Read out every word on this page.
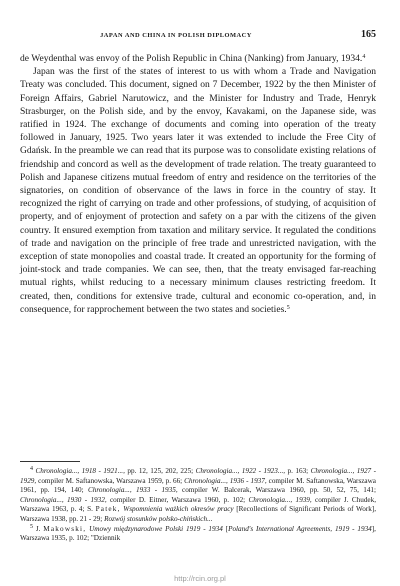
JAPAN AND CHINA IN POLISH DIPLOMACY	165

de Weydenthal was envoy of the Polish Republic in China (Nanking) from January, 1934.$^4$

Japan was the first of the states of interest to us with whom a Trade and Navigation Treaty was concluded. This document, signed on 7 December, 1922 by the then Minister of Foreign Affairs, Gabriel Narutowicz, and the Minister for Industry and Trade, Henryk Strasburger, on the Polish side, and by the envoy, Kavakami, on the Japanese side, was ratified in 1924. The exchange of documents and coming into operation of the treaty followed in January, 1925. Two years later it was extended to include the Free City of Gdańsk. In the preamble we can read that its purpose was to consolidate existing relations of friendship and concord as well as the development of trade relation. The treaty guaranteed to Polish and Japanese citizens mutual freedom of entry and residence on the territories of the signatories, on condition of observance of the laws in force in the country of stay. It recognized the right of carrying on trade and other professions, of studying, of acquisition of property, and of enjoyment of protection and safety on a par with the citizens of the given country. It ensured exemption from taxation and military service. It regulated the conditions of trade and navigation on the principle of free trade and unrestricted navigation, with the exception of state monopolies and coastal trade. It created an opportunity for the forming of joint-stock and trade companies. We can see, then, that the treaty envisaged far-reaching mutual rights, whilst reducing to a necessary minimum clauses restricting freedom. It created, then, conditions for extensive trade, cultural and economic co-operation, and, in consequence, for rapprochement between the two states and societies.$^5$

$^4$ Chronologia..., 1918 - 1921..., pp. 12, 125, 202, 225; Chronologia..., 1922 - 1923..., p. 163; Chronologia..., 1927 - 1929, compiler M. Saftanowska, Warszawa 1959, p. 66; Chronologia..., 1936 - 1937, compiler M. Saftanowska, Warszawa 1961, pp. 194, 140; Chronologia..., 1933 - 1935, compiler W. Balcerak, Warszawa 1960, pp. 50, 52, 75, 141; Chronologia..., 1930 - 1932, compiler D. Eitner, Warszawa 1960, p. 102; Chronologia..., 1939, compiler J. Chudek, Warszawa 1963, p. 4; S. Patek, Wspomnienia ważkich okresów pracy [Recollections of Significant Periods of Work], Warszawa 1938, pp. 21 - 29; Rozwój stosunków polsko-chińskich...

$^5$ J. Makowski, Umowy międzynarodowe Polski 1919 - 1934 [Poland's International Agreements, 1919 - 1934], Warszawa 1935, p. 102; "Dziennik

http://rcin.org.pl
